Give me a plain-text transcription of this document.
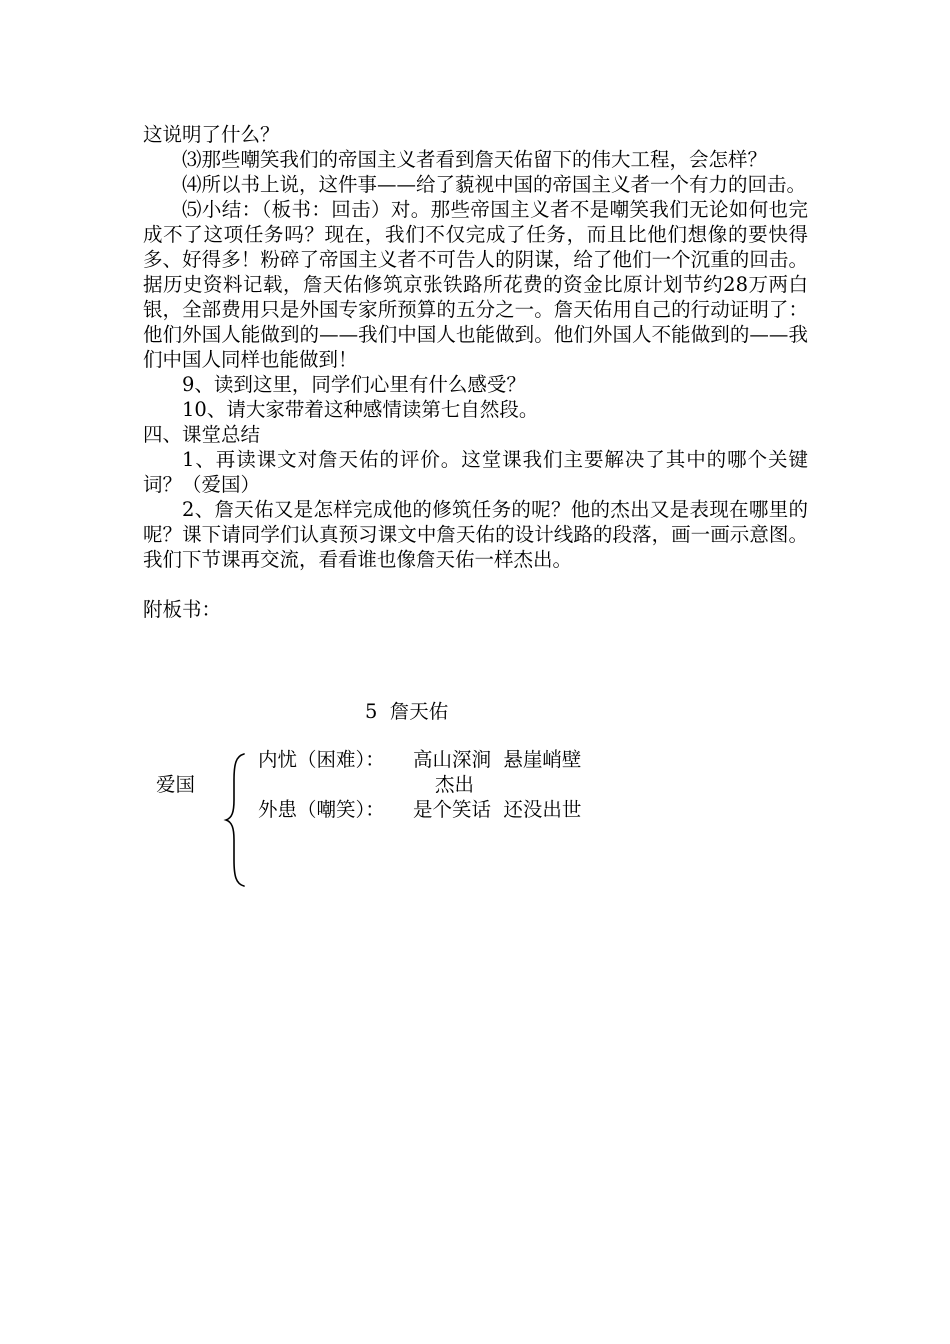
这说明了什么？

⑶那些嘲笑我们的帝国主义者看到詹天佑留下的伟大工程，会怎样？

⑷所以书上说，这件事——给了藐视中国的帝国主义者一个有力的回击。

⑸小结：（板书：回击）对。那些帝国主义者不是嘲笑我们无论如何也完成不了这项任务吗？现在，我们不仅完成了任务，而且比他们想像的要快得多、好得多！粉碎了帝国主义者不可告人的阴谋，给了他们一个沉重的回击。据历史资料记载，詹天佑修筑京张铁路所花费的资金比原计划节约28万两白银，全部费用只是外国专家所预算的五分之一。詹天佑用自己的行动证明了：他们外国人能做到的——我们中国人也能做到。他们外国人不能做到的——我们中国人同样也能做到！

9、读到这里，同学们心里有什么感受？

10、请大家带着这种感情读第七自然段。

四、课堂总结

1、再读课文对詹天佑的评价。这堂课我们主要解决了其中的哪个关键词？（爱国）

2、詹天佑又是怎样完成他的修筑任务的呢？他的杰出又是表现在哪里的呢？课下请同学们认真预习课文中詹天佑的设计线路的段落，画一画示意图。我们下节课再交流，看看谁也像詹天佑一样杰出。

附板书：

5  詹天佑
爱国
内忧（困难）： 高山深涧  悬崖峭壁
杰出
外患（嘲笑）： 是个笑话  还没出世
